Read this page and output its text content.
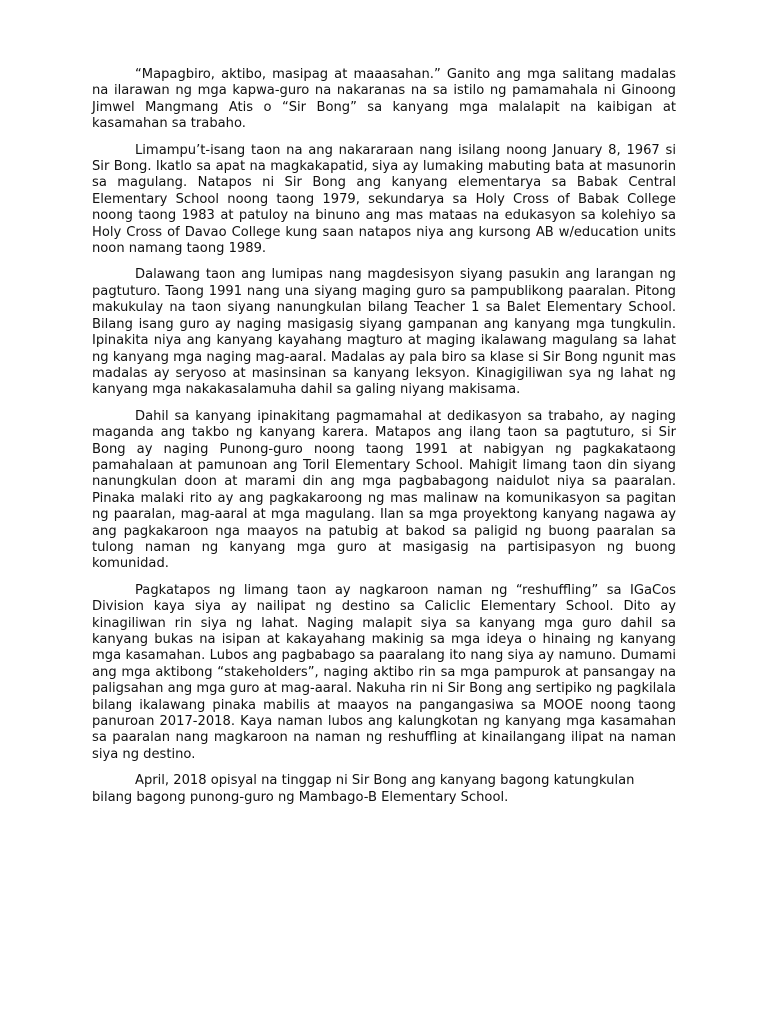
“Mapagbiro, aktibo, masipag at maaasahan.” Ganito ang mga salitang madalas na ilarawan ng mga kapwa-guro na nakaranas na sa istilo ng pamamahala ni Ginoong Jimwel Mangmang Atis o “Sir Bong” sa kanyang mga malalapit na kaibigan at kasamahan sa trabaho.

Limampu’t-isang taon na ang nakararaan nang isilang noong January 8, 1967 si Sir Bong. Ikatlo sa apat na magkakapatid, siya ay lumaking mabuting bata at masunorin sa magulang. Natapos ni Sir Bong ang kanyang elementarya sa Babak Central Elementary School noong taong 1979, sekundarya sa Holy Cross of Babak College noong taong 1983 at patuloy na binuno ang mas mataas na edukasyon sa kolehiyo sa Holy Cross of Davao College kung saan natapos niya ang kursong AB w/education units noon namang taong 1989.

Dalawang taon ang lumipas nang magdesisyon siyang pasukin ang larangan ng pagtuturo. Taong 1991 nang una siyang maging guro sa pampublikong paaralan. Pitong makukulay na taon siyang nanungkulan bilang Teacher 1 sa Balet Elementary School. Bilang isang guro ay naging masigasig siyang gampanan ang kanyang mga tungkulin. Ipinakita niya ang kanyang kayahang magturo at maging ikalawang magulang sa lahat ng kanyang mga naging mag-aaral. Madalas ay pala biro sa klase si Sir Bong ngunit mas madalas ay seryoso at masinsinan sa kanyang leksyon. Kinagigiliwan sya ng lahat ng kanyang mga nakakasalamuha dahil sa galing niyang makisama.

Dahil sa kanyang ipinakitang pagmamahal at dedikasyon sa trabaho, ay naging maganda ang takbo ng kanyang karera. Matapos ang ilang taon sa pagtuturo, si Sir Bong ay naging Punong-guro noong taong 1991 at nabigyan ng pagkakataong pamahalaan at pamunoan ang Toril Elementary School. Mahigit limang taon din siyang nanungkulan doon at marami din ang mga pagbabagong naidulot niya sa paaralan. Pinaka malaki rito ay ang pagkakaroong ng mas malinaw na komunikasyon sa pagitan ng paaralan, mag-aaral at mga magulang. Ilan sa mga proyektong kanyang nagawa ay ang pagkakaroon nga maayos na patubig at bakod sa paligid ng buong paaralan sa tulong naman ng kanyang mga guro at masigasig na partisipasyon ng buong komunidad.

Pagkatapos ng limang taon ay nagkaroon naman ng “reshuffling” sa IGaCos Division kaya siya ay nailipat ng destino sa Caliclic Elementary School. Dito ay kinagiliwan rin siya ng lahat. Naging malapit siya sa kanyang mga guro dahil sa kanyang bukas na isipan at kakayahang makinig sa mga ideya o hinaing ng kanyang mga kasamahan. Lubos ang pagbabago sa paaralang ito nang siya ay namuno. Dumami ang mga aktibong “stakeholders”, naging aktibo rin sa mga pampurok at pansangay na paligsahan ang mga guro at mag-aaral. Nakuha rin ni Sir Bong ang sertipiko ng pagkilala bilang ikalawang pinaka mabilis at maayos na pangangasiwa sa MOOE noong taong panuroan 2017-2018. Kaya naman lubos ang kalungkotan ng kanyang mga kasamahan sa paaralan nang magkaroon na naman ng reshuffling at kinailangang ilipat na naman siya ng destino.

April, 2018 opisyal na tinggap ni Sir Bong ang kanyang bagong katungkulan bilang bagong punong-guro ng Mambago-B Elementary School.
